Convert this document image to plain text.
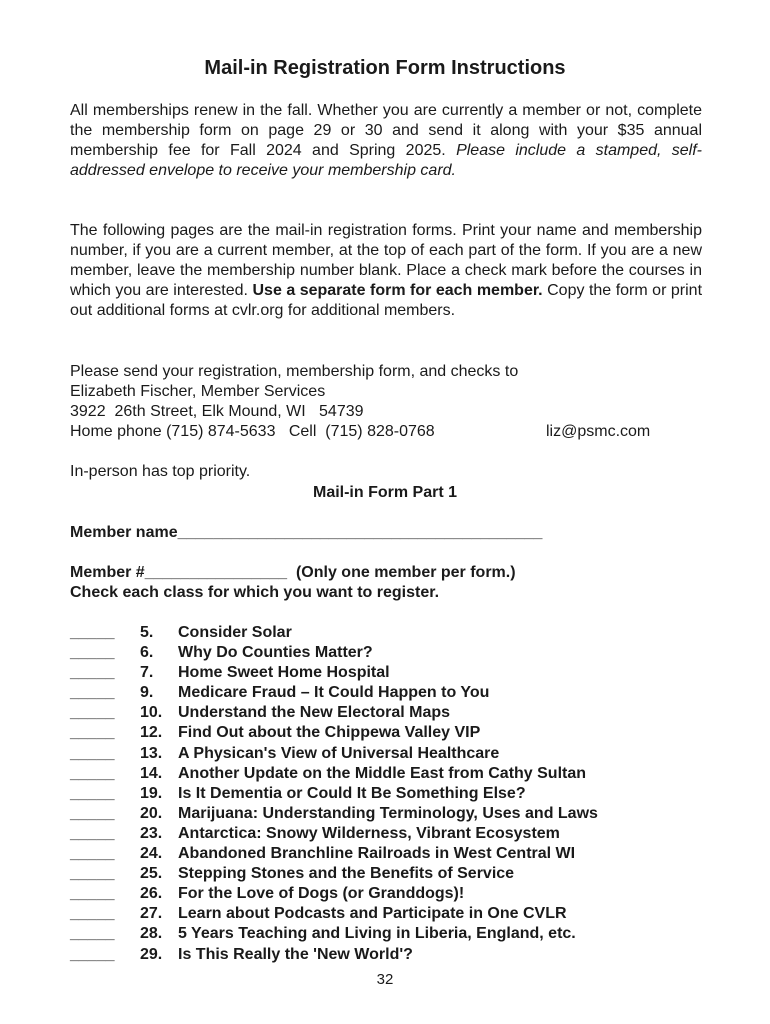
Mail-in Registration Form Instructions

All memberships renew in the fall. Whether you are currently a member or not, complete the membership form on page 29 or 30 and send it along with your $35 annual membership fee for Fall 2024 and Spring 2025. Please include a stamped, self-addressed envelope to receive your membership card.

The following pages are the mail-in registration forms. Print your name and membership number, if you are a current member, at the top of each part of the form. If you are a new member, leave the membership number blank. Place a check mark before the courses in which you are interested. Use a separate form for each member. Copy the form or print out additional forms at cvlr.org for additional members.

Please send your registration, membership form, and checks to
Elizabeth Fischer, Member Services
3922  26th Street, Elk Mound, WI   54739
Home phone (715) 874-5633   Cell  (715) 828-0768	liz@psmc.com
In-person has top priority.
Mail-in Form Part 1
Member name_________________________________________
Member #________________  (Only one member per form.)
Check each class for which you want to register.
_____ 5. Consider Solar
_____ 6. Why Do Counties Matter?
_____ 7. Home Sweet Home Hospital
_____ 9. Medicare Fraud – It Could Happen to You
_____ 10. Understand the New Electoral Maps
_____ 12. Find Out about the Chippewa Valley VIP
_____ 13. A Physican's View of Universal Healthcare
_____ 14. Another Update on the Middle East from Cathy Sultan
_____ 19. Is It Dementia or Could It Be Something Else?
_____ 20. Marijuana: Understanding Terminology, Uses and Laws
_____ 23. Antarctica: Snowy Wilderness, Vibrant Ecosystem
_____ 24. Abandoned Branchline Railroads in West Central WI
_____ 25. Stepping Stones and the Benefits of Service
_____ 26. For the Love of Dogs (or Granddogs)!
_____ 27. Learn about Podcasts and Participate in One CVLR
_____ 28. 5 Years Teaching and Living in Liberia, England, etc.
_____ 29. Is This Really the 'New World'?
32
